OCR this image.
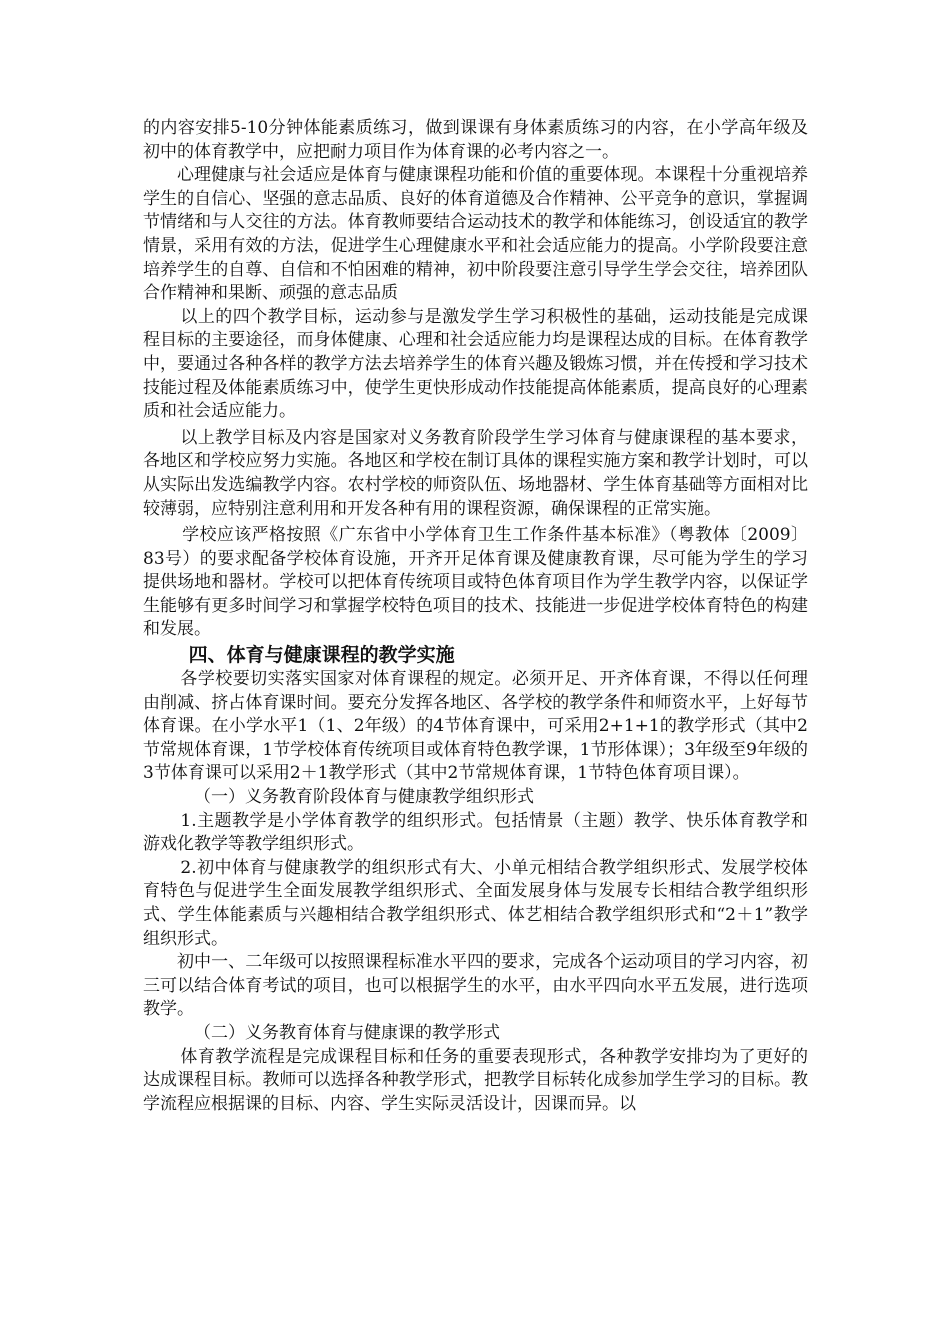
的内容安排5-10分钟体能素质练习，做到课课有身体素质练习的内容，在小学高年级及初中的体育教学中，应把耐力项目作为体育课的必考内容之一。

心理健康与社会适应是体育与健康课程功能和价值的重要体现。本课程十分重视培养学生的自信心、坚强的意志品质、良好的体育道德及合作精神、公平竞争的意识，掌握调节情绪和与人交往的方法。体育教师要结合运动技术的教学和体能练习，创设适宜的教学情景，采用有效的方法，促进学生心理健康水平和社会适应能力的提高。小学阶段要注意培养学生的自尊、自信和不怕困难的精神，初中阶段要注意引导学生学会交往，培养团队合作精神和果断、顽强的意志品质

以上的四个教学目标，运动参与是激发学生学习积极性的基础，运动技能是完成课程目标的主要途径，而身体健康、心理和社会适应能力均是课程达成的目标。在体育教学中，要通过各种各样的教学方法去培养学生的体育兴趣及锻炼习惯，并在传授和学习技术技能过程及体能素质练习中，使学生更快形成动作技能提高体能素质，提高良好的心理素质和社会适应能力。

以上教学目标及内容是国家对义务教育阶段学生学习体育与健康课程的基本要求，各地区和学校应努力实施。各地区和学校在制订具体的课程实施方案和教学计划时，可以从实际出发选编教学内容。农村学校的师资队伍、场地器材、学生体育基础等方面相对比较薄弱，应特别注意利用和开发各种有用的课程资源，确保课程的正常实施。

学校应该严格按照《广东省中小学体育卫生工作条件基本标准》（粤教体〔2009〕83号）的要求配备学校体育设施，开齐开足体育课及健康教育课，尽可能为学生的学习提供场地和器材。学校可以把体育传统项目或特色体育项目作为学生教学内容，以保证学生能够有更多时间学习和掌握学校特色项目的技术、技能进一步促进学校体育特色的构建和发展。

四、体育与健康课程的教学实施

各学校要切实落实国家对体育课程的规定。必须开足、开齐体育课，不得以任何理由削减、挤占体育课时间。要充分发挥各地区、各学校的教学条件和师资水平，上好每节体育课。在小学水平1（1、2年级）的4节体育课中，可采用2+1+1的教学形式（其中2节常规体育课，1节学校体育传统项目或体育特色教学课，1节形体课）；3年级至9年级的3节体育课可以采用2＋1教学形式（其中2节常规体育课，1节特色体育项目课）。

（一）义务教育阶段体育与健康教学组织形式

1.主题教学是小学体育教学的组织形式。包括情景（主题）教学、快乐体育教学和游戏化教学等教学组织形式。

2.初中体育与健康教学的组织形式有大、小单元相结合教学组织形式、发展学校体育特色与促进学生全面发展教学组织形式、全面发展身体与发展专长相结合教学组织形式、学生体能素质与兴趣相结合教学组织形式、体艺相结合教学组织形式和“2＋1”教学组织形式。

初中一、二年级可以按照课程标准水平四的要求，完成各个运动项目的学习内容，初三可以结合体育考试的项目，也可以根据学生的水平，由水平四向水平五发展，进行选项教学。

（二）义务教育体育与健康课的教学形式

体育教学流程是完成课程目标和任务的重要表现形式，各种教学安排均为了更好的达成课程目标。教师可以选择各种教学形式，把教学目标转化成参加学生学习的目标。教学流程应根据课的目标、内容、学生实际灵活设计，因课而异。以
